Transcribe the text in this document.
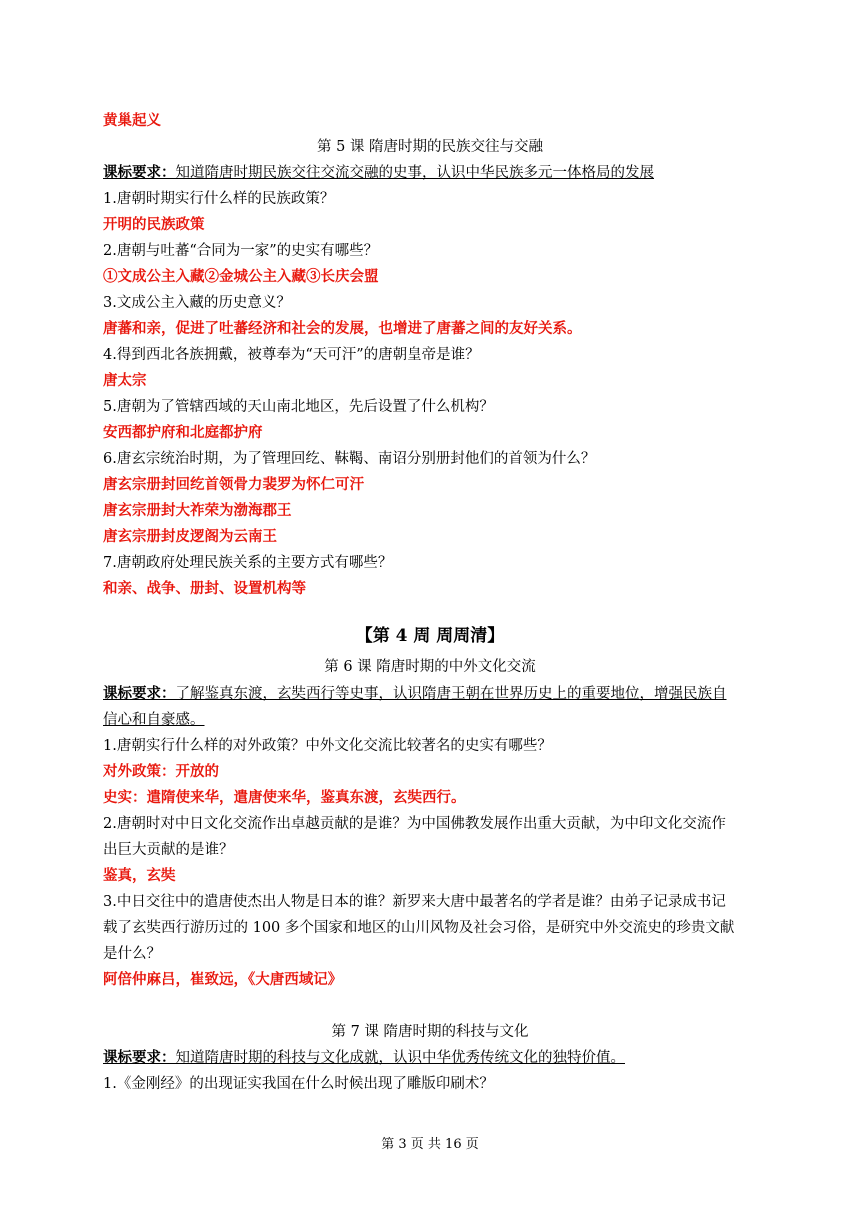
黄巢起义
第 5 课 隋唐时期的民族交往与交融
课标要求：知道隋唐时期民族交往交流交融的史事，认识中华民族多元一体格局的发展
1.唐朝时期实行什么样的民族政策？
开明的民族政策
2.唐朝与吐蕃“合同为一家”的史实有哪些？
①文成公主入藏②金城公主入藏③长庆会盟
3.文成公主入藏的历史意义？
唐蕃和亲，促进了吐蕃经济和社会的发展，也增进了唐蕃之间的友好关系。
4.得到西北各族拥戴，被尊奉为“天可汗”的唐朝皇帝是谁？
唐太宗
5.唐朝为了管辖西域的天山南北地区，先后设置了什么机构？
安西都护府和北庭都护府
6.唐玄宗统治时期，为了管理回纥、靺鞨、南诏分别册封他们的首领为什么？
唐玄宗册封回纥首领骨力裴罗为怀仁可汗
唐玄宗册封大祚荣为渤海郡王
唐玄宗册封皮逻阁为云南王
7.唐朝政府处理民族关系的主要方式有哪些？
和亲、战争、册封、设置机构等
【第 4 周 周周清】
第 6 课 隋唐时期的中外文化交流
课标要求：了解鉴真东渡，玄奘西行等史事，认识隋唐王朝在世界历史上的重要地位，增强民族自
信心和自豪感。
1.唐朝实行什么样的对外政策？中外文化交流比较著名的史实有哪些？
对外政策：开放的
史实：遣隋使来华，遣唐使来华，鉴真东渡，玄奘西行。
2.唐朝时对中日文化交流作出卓越贡献的是谁？为中国佛教发展作出重大贡献，为中印文化交流作
出巨大贡献的是谁？
鉴真，玄奘
3.中日交往中的遣唐使杰出人物是日本的谁？新罗来大唐中最著名的学者是谁？由弟子记录成书记
载了玄奘西行游历过的 100 多个国家和地区的山川风物及社会习俗，是研究中外交流史的珍贵文献
是什么？
阿倍仲麻吕，崔致远，《大唐西域记》
第 7 课 隋唐时期的科技与文化
课标要求：知道隋唐时期的科技与文化成就，认识中华优秀传统文化的独特价值。
1.《金刚经》的出现证实我国在什么时候出现了雕版印刷术？
第 3 页 共 16 页
